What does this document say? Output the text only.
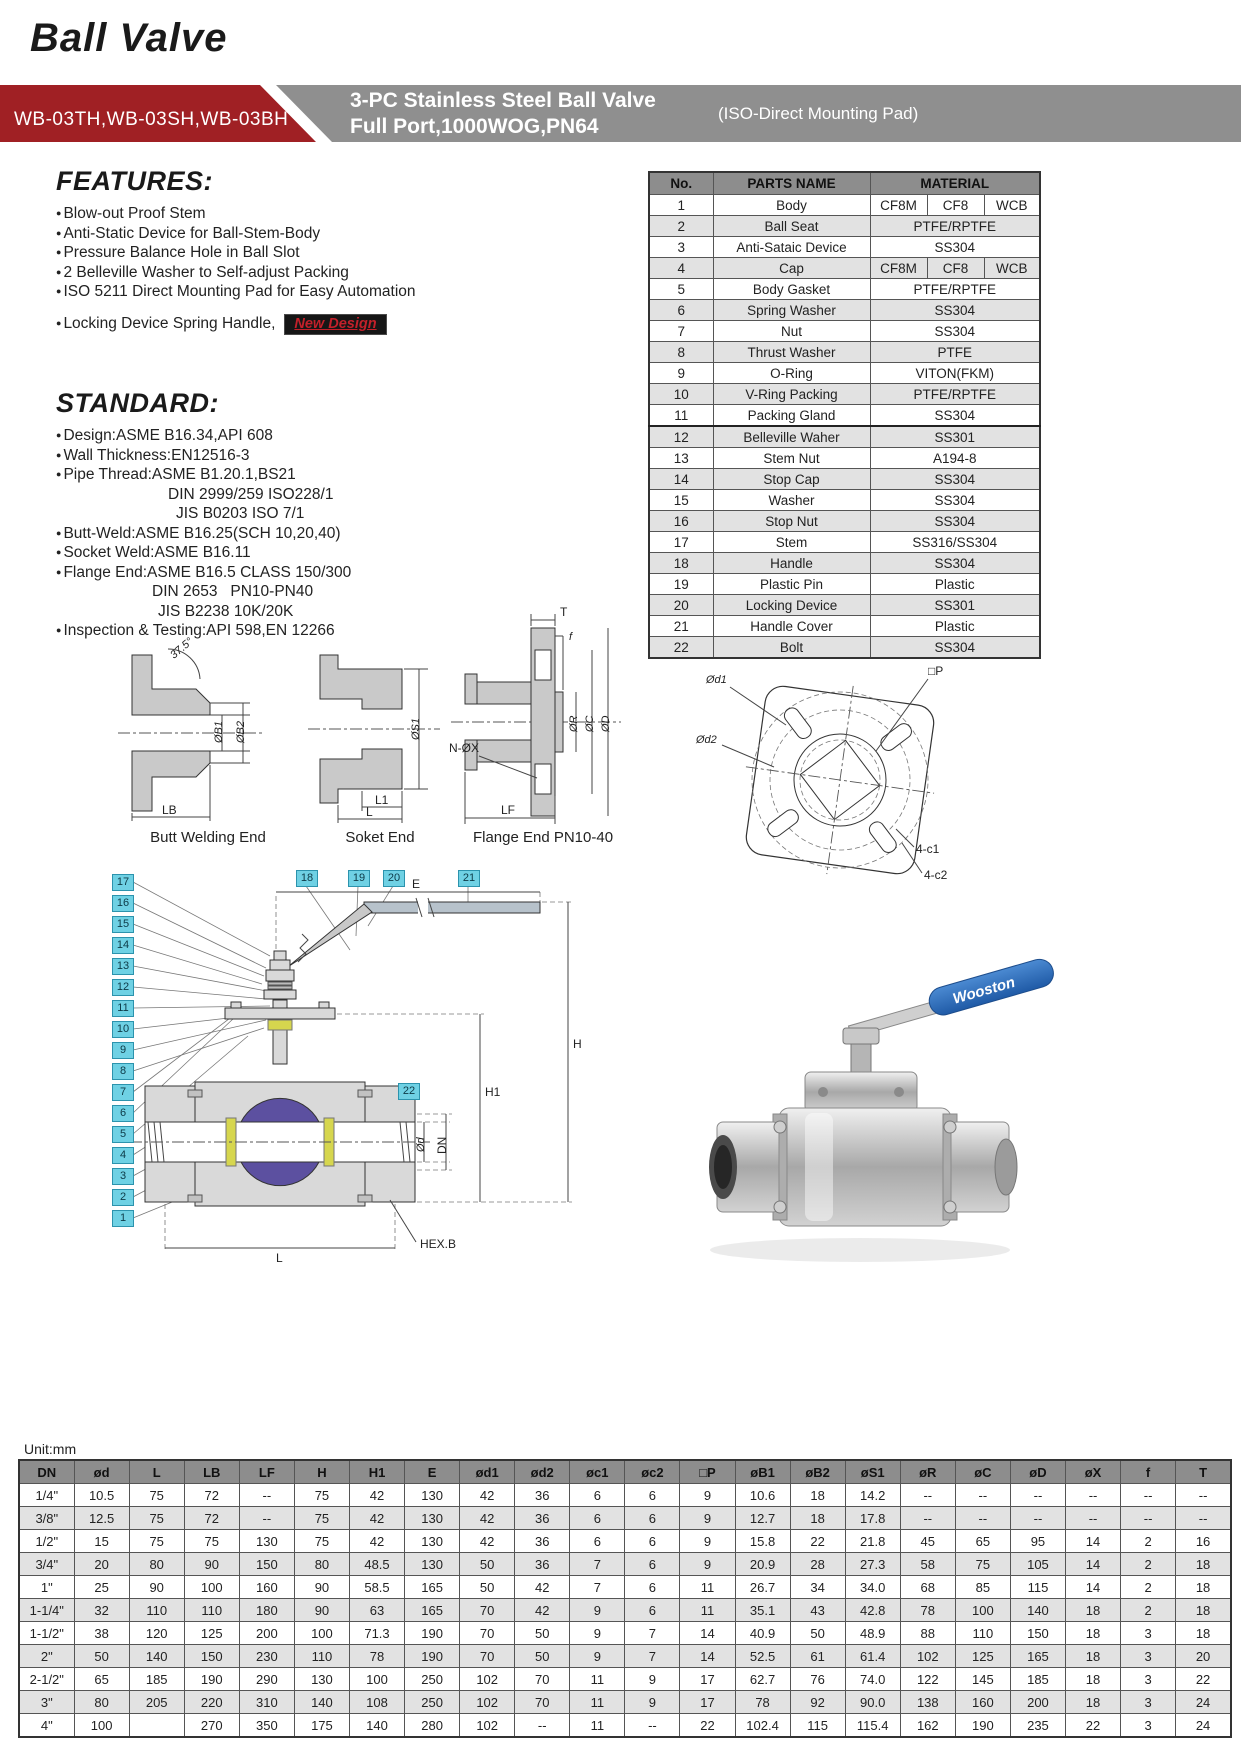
Ball Valve
WB-03TH,WB-03SH,WB-03BH
3-PC Stainless Steel Ball Valve
Full Port,1000WOG,PN64
(ISO-Direct Mounting Pad)
FEATURES:
● Blow-out Proof Stem
● Anti-Static Device for Ball-Stem-Body
● Pressure Balance Hole in Ball Slot
● 2 Belleville Washer to Self-adjust Packing
● ISO 5211 Direct Mounting Pad for Easy Automation
● Locking Device Spring Handle,	New Design
STANDARD:
● Design:ASME B16.34,API 608
● Wall Thickness:EN12516-3
● Pipe Thread:ASME B1.20.1,BS21
DIN 2999/259 ISO228/1
JIS B0203 ISO 7/1
● Butt-Weld:ASME B16.25(SCH 10,20,40)
● Socket Weld:ASME B16.11
● Flange End:ASME B16.5 CLASS 150/300
DIN 2653   PN10-PN40
JIS B2238 10K/20K
● Inspection & Testing:API 598,EN 12266
No.	PARTS NAME	MATERIAL		
1	Body	CF8M	CF8	WCB
2	Ball Seat	PTFE/RPTFE		
3	Anti-Sataic Device	SS304		
4	Cap	CF8M	CF8	WCB
5	Body Gasket	PTFE/RPTFE		
6	Spring Washer	SS304		
7	Nut	SS304		
8	Thrust Washer	PTFE		
9	O-Ring	VITON(FKM)		
10	V-Ring Packing	PTFE/RPTFE		
11	Packing Gland	SS304		
12	Belleville Waher	SS301		
13	Stem Nut	A194-8		
14	Stop Cap	SS304		
15	Washer	SS304		
16	Stop Nut	SS304		
17	Stem	SS316/SS304		
18	Handle	SS304		
19	Plastic Pin	Plastic		
20	Locking Device	SS301		
21	Handle Cover	Plastic		
22	Bolt	SS304		
37.5°
ØB1 ØB2
LB
ØS1
L1
L
T
f
ØR ØC ØD
N-ØX
LF
Butt Welding End	Soket End	Flange End PN10-40
Ød1
Ød2
□P
4-c1
4-c2
E
H
H1
Ød DN
L
HEX.B
17
16
15
14
13
12
11
10
9
8
7
6
5
4
3
2
1
18	19	20	21
22
Wooston
Unit:mm
DN	ød	L	LB	LF	H	H1	E	ød1	ød2	øc1	øc2	□P	øB1	øB2	øS1	øR	øC	øD	øX	f	T
1/4"	10.5	75	72	--	75	42	130	42	36	6	6	9	10.6	18	14.2	--	--	--	--	--	--
3/8"	12.5	75	72	--	75	42	130	42	36	6	6	9	12.7	18	17.8	--	--	--	--	--	--
1/2"	15	75	75	130	75	42	130	42	36	6	6	9	15.8	22	21.8	45	65	95	14	2	16
3/4"	20	80	90	150	80	48.5	130	50	36	7	6	9	20.9	28	27.3	58	75	105	14	2	18
1"	25	90	100	160	90	58.5	165	50	42	7	6	11	26.7	34	34.0	68	85	115	14	2	18
1-1/4"	32	110	110	180	90	63	165	70	42	9	6	11	35.1	43	42.8	78	100	140	18	2	18
1-1/2"	38	120	125	200	100	71.3	190	70	50	9	7	14	40.9	50	48.9	88	110	150	18	3	18
2"	50	140	150	230	110	78	190	70	50	9	7	14	52.5	61	61.4	102	125	165	18	3	20
2-1/2"	65	185	190	290	130	100	250	102	70	11	9	17	62.7	76	74.0	122	145	185	18	3	22
3"	80	205	220	310	140	108	250	102	70	11	9	17	78	92	90.0	138	160	200	18	3	24
4"	100		270	350	175	140	280	102	--	11	--	22	102.4	115	115.4	162	190	235	22	3	24
